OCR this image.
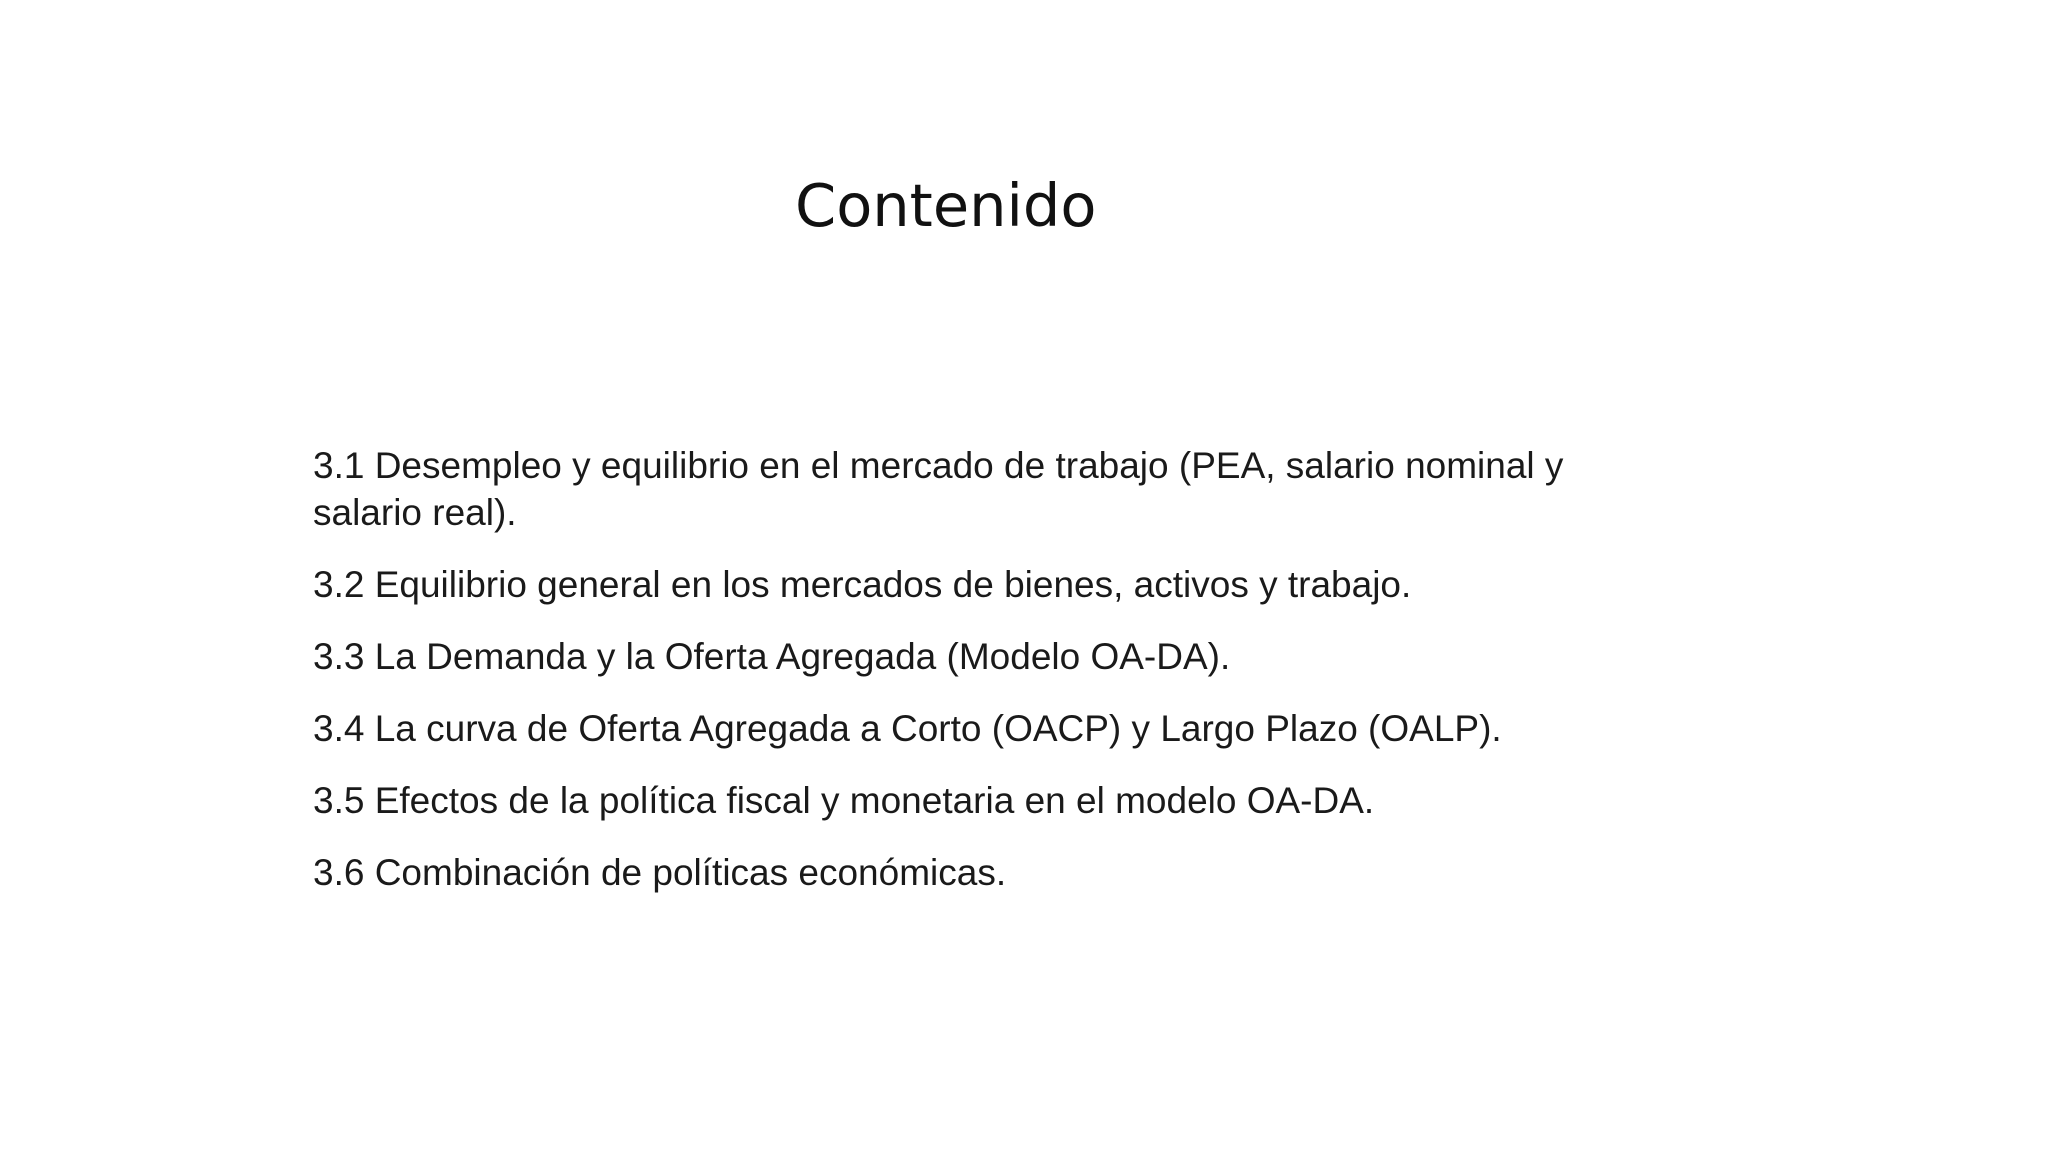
Contenido
3.1 Desempleo y equilibrio en el mercado de trabajo (PEA, salario nominal y salario real).
3.2 Equilibrio general en los mercados de bienes, activos y trabajo.
3.3 La Demanda y la Oferta Agregada (Modelo OA-DA).
3.4 La curva de Oferta Agregada a Corto (OACP) y Largo Plazo (OALP).
3.5 Efectos de la política fiscal y monetaria en el modelo OA-DA.
3.6 Combinación de políticas económicas.
